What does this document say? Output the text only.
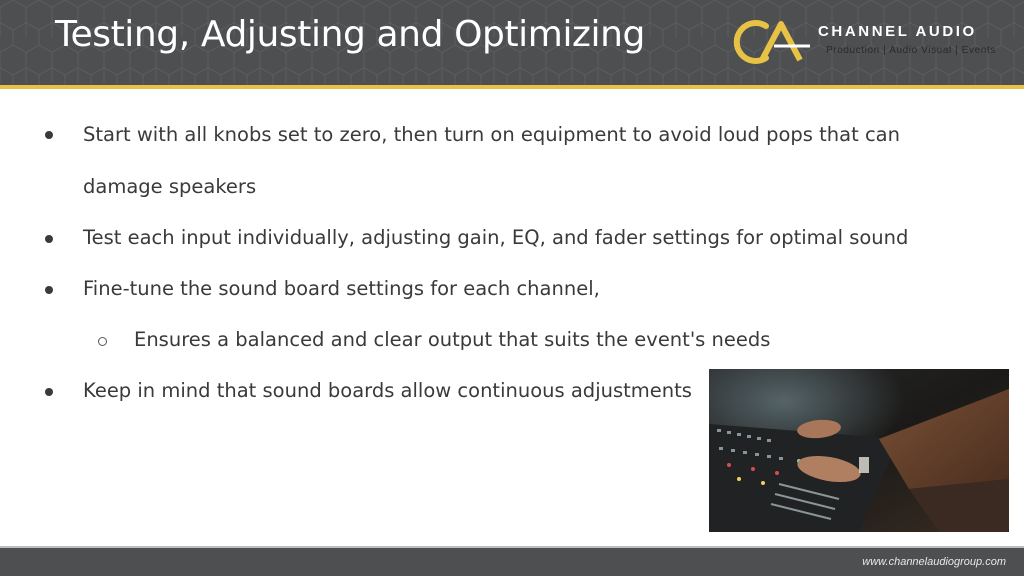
Testing, Adjusting and Optimizing	CHANNEL AUDIO
Production | Audio Visual | Events
Start with all knobs set to zero, then turn on equipment to avoid loud pops that can
damage speakers
Test each input individually, adjusting gain, EQ, and fader settings for optimal sound
Fine-tune the sound board settings for each channel,
Ensures a balanced and clear output that suits the event's needs
Keep in mind that sound boards allow continuous adjustments
www.channelaudiogroup.com
